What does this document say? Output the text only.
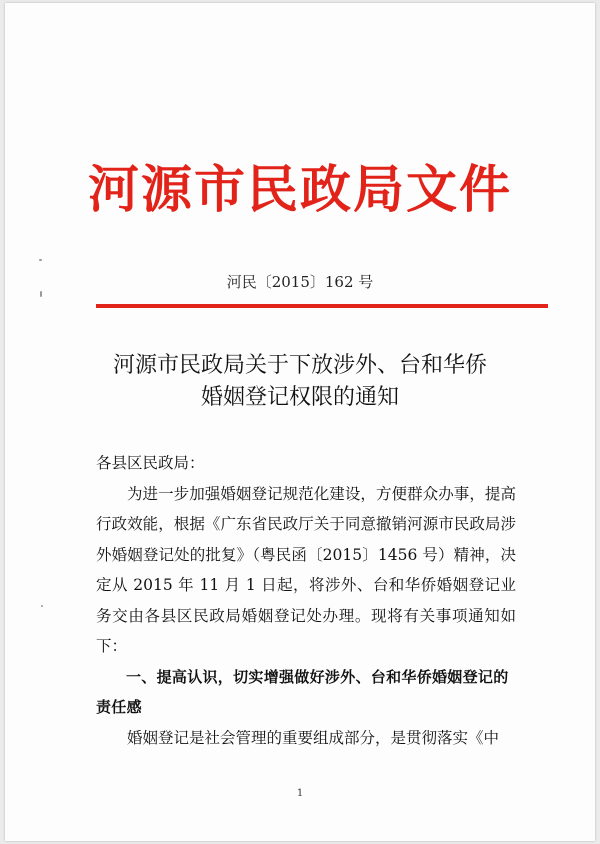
河源市民政局文件
河民〔2015〕162 号
河源市民政局关于下放涉外、台和华侨
婚姻登记权限的通知
各县区民政局：

为进一步加强婚姻登记规范化建设，方便群众办事，提高行政效能，根据《广东省民政厅关于同意撤销河源市民政局涉外婚姻登记处的批复》（粤民函〔2015〕1456 号）精神，决定从 2015 年 11 月 1 日起，将涉外、台和华侨婚姻登记业务交由各县区民政局婚姻登记处办理。现将有关事项通知如下：

一、提高认识，切实增强做好涉外、台和华侨婚姻登记的责任感

婚姻登记是社会管理的重要组成部分，是贯彻落实《中

1
